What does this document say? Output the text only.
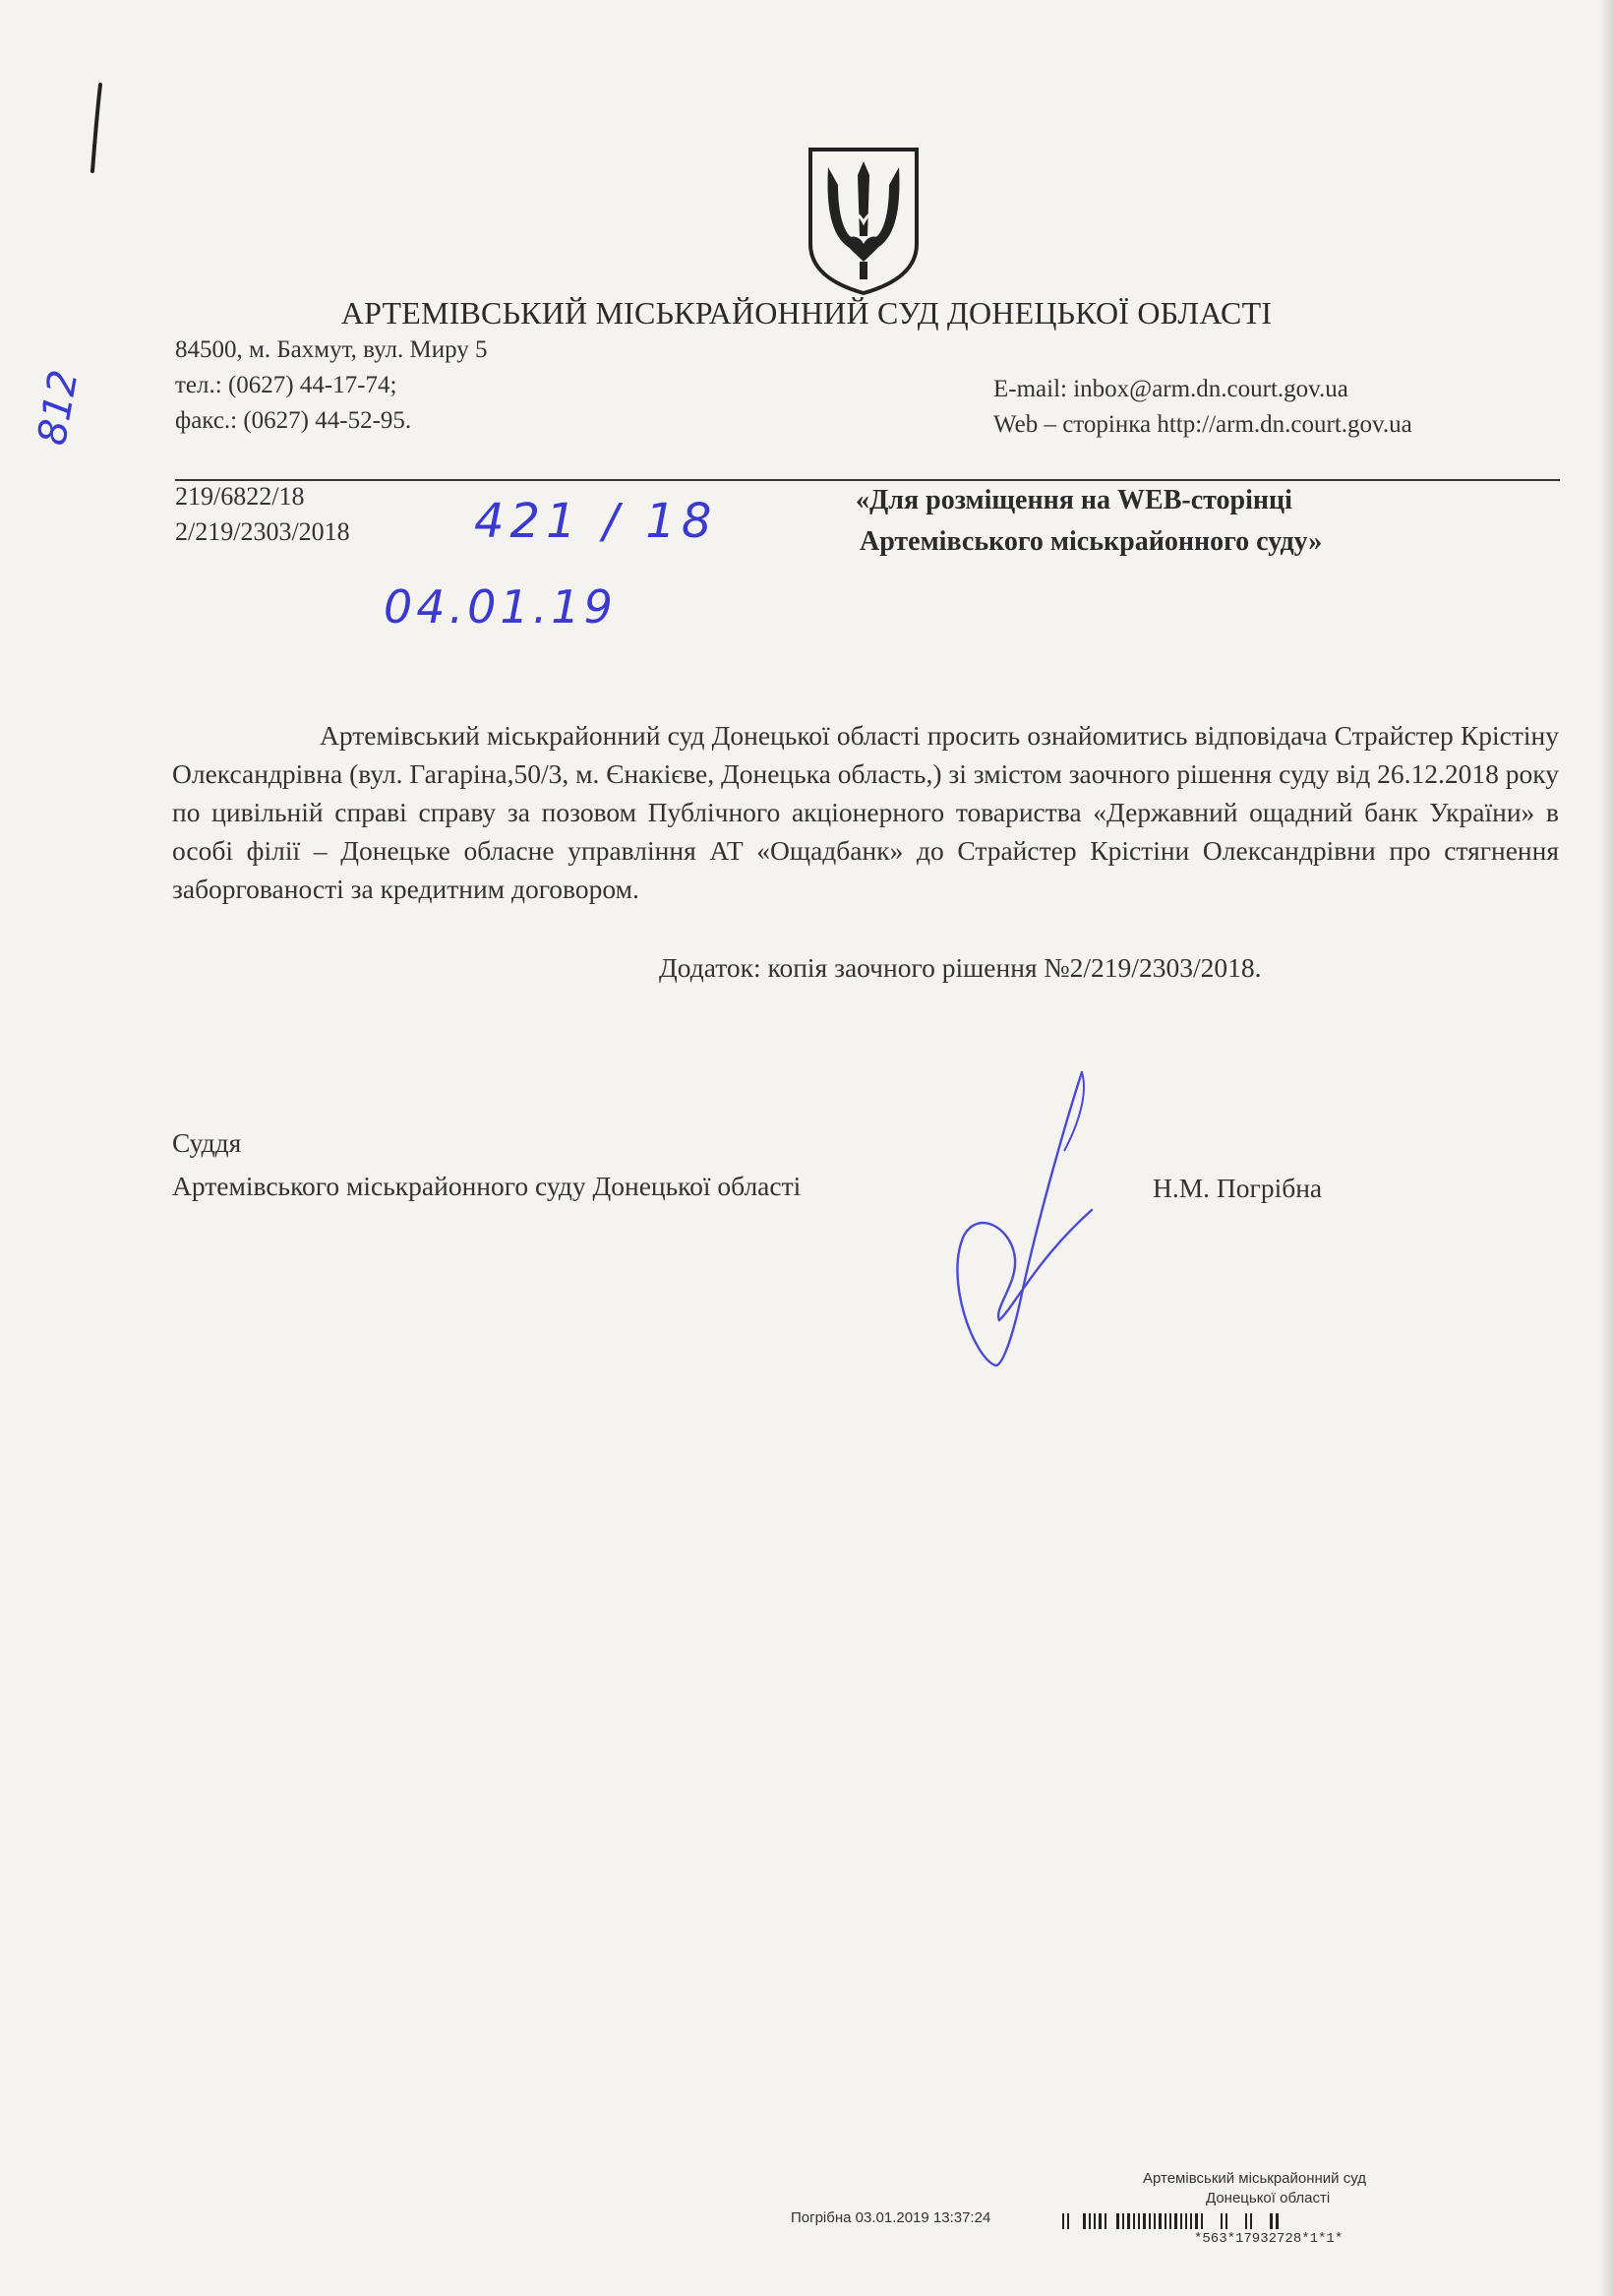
812
АРТЕМІВСЬКИЙ МІСЬКРАЙОННИЙ СУД ДОНЕЦЬКОЇ ОБЛАСТІ
84500, м. Бахмут, вул. Миру 5
тел.: (0627) 44-17-74;
факс.: (0627) 44-52-95.
E-mail: inbox@arm.dn.court.gov.ua
Web – сторінка http://arm.dn.court.gov.ua
219/6822/18
2/219/2303/2018	421 / 18
04.01.19
«Для розміщення на WEB-сторінці
Артемівського міськрайонного суду»

Артемівський міськрайонний суд Донецької області просить ознайомитись відповідача Страйстер Крістіну Олександрівна (вул. Гагаріна,50/3, м. Єнакієве, Донецька область,) зі змістом заочного рішення суду від 26.12.2018 року по цивільній справі справу за позовом Публічного акціонерного товариства «Державний ощадний банк України» в особі філії – Донецьке обласне управління АТ «Ощадбанк» до Страйстер Крістіни Олександрівни про стягнення заборгованості за кредитним договором.

Додаток: копія заочного рішення №2/219/2303/2018.
Суддя
Артемівського міськрайонного суду Донецької області	Н.М. Погрібна
Артемівський міськрайонний суд
Донецької області
Погрібна 03.01.2019 13:37:24
*563*17932728*1*1*
